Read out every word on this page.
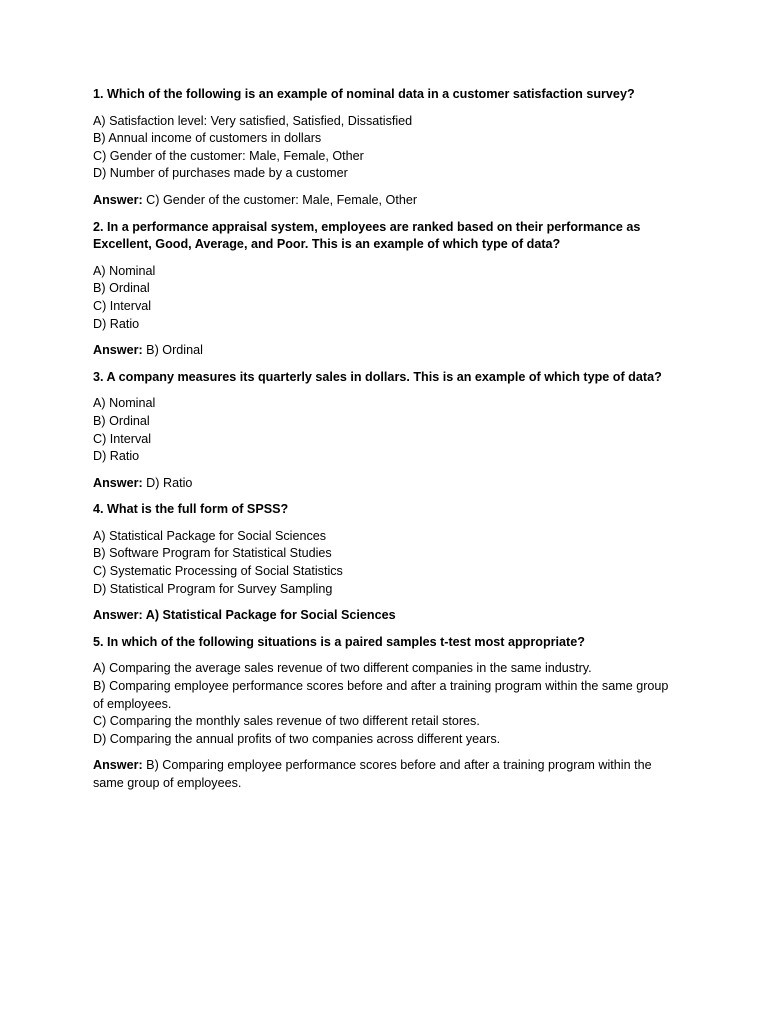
1. Which of the following is an example of nominal data in a customer satisfaction survey?
A) Satisfaction level: Very satisfied, Satisfied, Dissatisfied
B) Annual income of customers in dollars
C) Gender of the customer: Male, Female, Other
D) Number of purchases made by a customer
Answer: C) Gender of the customer: Male, Female, Other
2. In a performance appraisal system, employees are ranked based on their performance as Excellent, Good, Average, and Poor. This is an example of which type of data?
A) Nominal
B) Ordinal
C) Interval
D) Ratio
Answer: B) Ordinal
3. A company measures its quarterly sales in dollars. This is an example of which type of data?
A) Nominal
B) Ordinal
C) Interval
D) Ratio
Answer: D) Ratio
4. What is the full form of SPSS?
A) Statistical Package for Social Sciences
B) Software Program for Statistical Studies
C) Systematic Processing of Social Statistics
D) Statistical Program for Survey Sampling
Answer: A) Statistical Package for Social Sciences
5. In which of the following situations is a paired samples t-test most appropriate?
A) Comparing the average sales revenue of two different companies in the same industry.
B) Comparing employee performance scores before and after a training program within the same group of employees.
C) Comparing the monthly sales revenue of two different retail stores.
D) Comparing the annual profits of two companies across different years.
Answer: B) Comparing employee performance scores before and after a training program within the same group of employees.
